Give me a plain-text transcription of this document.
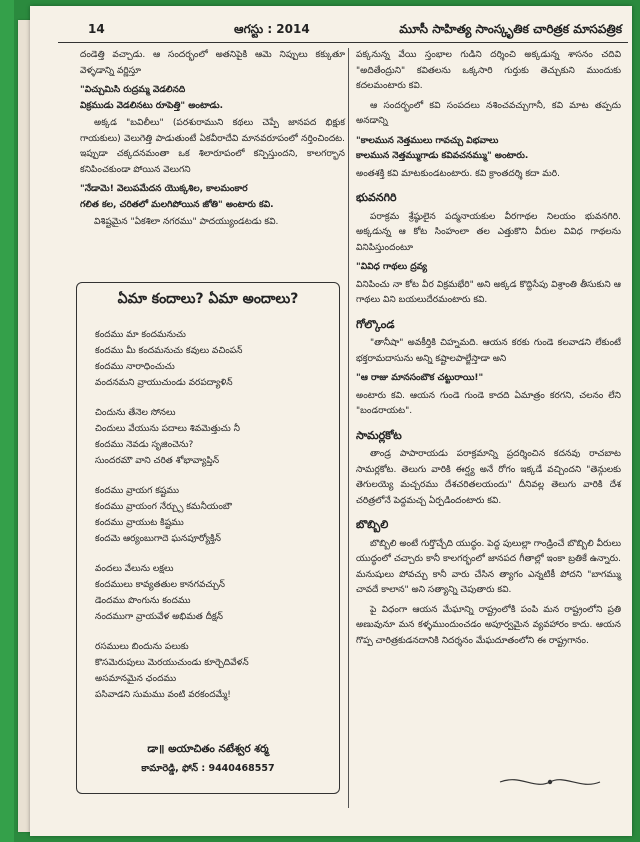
14	ఆగస్టు : 2014	మూసీ సాహిత్య సాంస్కృతిక చారిత్రక మాసపత్రిక

దండెత్తి వచ్చాడు. ఆ సందర్భంలో అతనిపైకి ఆమె నిప్పులు కక్కుతూ వెళ్ళడాన్ని వర్ణిస్తూ

"విచ్చుమిసి రుద్రమ్మ వెడలినది
విక్రముడు వెడలినటు రూపెత్తి" అంటాడు.

అక్కడ "బవిలీలు" (పరశురాముని కథలు చెప్పే జానపద భిక్షుక గాయకులు) వెలుగెత్తి పాడుతుంటే ఏకవీరాదేవి మానవరూపంలో నర్తించిందట. ఇప్పుడా చక్కదనమంతా ఒక శిలారూపంలో కన్పిస్తుందని, కాలగర్భాన కనిపించకుండా పోయిన వెలుగని

"నేడామె! వెలుపమేదన యొక్కశిల, కాలమంకార
గలిత కల, చరితలో మలగిపోయిన జోతి" అంటారు కవి.

విశిష్టమైన "ఏకశిలా నగరము" పాదయ్యుండటడు కవి.

ఏమా కందాలు? ఏమా అందాలు?
కందము మా కందమనుచు
కందము మీ కందమనుచు కవులు వచింపన్
కందము నారాధించుచు
వందనమని వ్రాయుచుండు వరపద్యాళిన్
చిందును తేనెల సోనలు
చిందులు వేయును పదాలు శివమెత్తుచు నీ
కందము నెవడు సృజించెను?
సుందరమౌ వాని చరిత శోభావ్యాప్తిన్
కందము వ్రాయగ కష్టము
కందము వ్రాయంగ నేర్చ్చు కమనీయంబౌ
కందము వ్రాయుట కిష్టము
కందమె ఆర్యంబుగాదె ఘనపూర్యోక్తిన్
వందలు వేలును లక్షలు
కందములు కావ్యతతుల కానగవచ్చున్
డెందము పొంగును కందము
నందముగా వ్రాయవేళ అభిమత దీక్షన్
రసములు బిందును పలుకు
కొసమెరుపులు మెరయుచుండు కూర్చెదివేళన్
అసమానమైన ఛందము
పసివాడని సుమము వంటి వరకందమ్మే!
డా॥ అయాచితం నటేశ్వర శర్మ
కామారెడ్డి, ఫోన్ : 9440468557

పక్కనున్న వేయి స్తంభాల గుడిని దర్శించి అక్కడున్న శాసనం చదివి "అదితేంద్రుని" కవితలను ఒక్కసారి గుర్తుకు తెచ్చుకుని ముందుకు కదలమంటారు కవి.

ఆ సందర్భంలో కవి సంపదలు నశించవచ్చుగానీ, కవి మాట తప్పదు అనడాన్ని

"కాలమున నెత్తములు గావచ్చు విభవాలు
కాలమున నెత్తమ్ముగాడు కవివచనమ్ము" అంటారు.

అంతశక్తి కవి మాటకుండటంటారు. కవి క్రాంతదర్శి కదా మరి.

భువనగిరి

పరాక్రమ శ్రేష్ఠులైన పద్మనాయకుల వీరగాథల నిలయం భువనగిరి. అక్కడున్న ఆ కోట సింహంలా తల ఎత్తుకొని వీరుల వివిధ గాథలను వినిపిస్తుందంటూ

"వివిధ గాథలు ద్రవ్య

వినిపించు నా కోట వీర విక్రమభేరి" అని అక్కడ కొద్దిసేపు విశ్రాంతి తీసుకుని ఆ గాథలు విని బయలుదేరమంటారు కవి.

గోల్కొండ

"తానీషా" అవకీర్తికి చిహ్నమది. ఆయన కరకు గుండె కలవాడని లేకుంటే భక్తరామదాసును అన్ని కష్టాలపాల్జేస్తాడా అని

"ఆ రాజు మానసంబౌక చట్టురాయి!"

అంటారు కవి. ఆయన గుండె గుండె కాదది ఏమాత్రం కరగని, చలనం లేని "బండరాయట".

సామర్లకోట

తాండ్ర పాపారాయడు పరాక్రమాన్ని ప్రదర్శించిన కదనవు రాచబాట సామర్లకోట. తెలుగు వారికి ఈర్ష్య అనే రోగం ఇక్కడే వచ్చిందని "తెన్గులకు తెగులయ్యె మచ్చరము దేశచరితలయందు" దీనివల్ల తెలుగు వారికి దేశ చరిత్రలోనే పెద్దమచ్చ ఏర్పడిందంటారు కవి.

బొబ్బిలి

బొబ్బిలి అంటే గుర్తొచ్చేది యుద్ధం. పెద్ద పులుల్లా గాండ్రించే బొబ్బిలి వీరులు యుద్ధంలో చచ్చారు కానీ కాలగర్భంలో జానపద గీతాల్లో ఇంకా బ్రతికే ఉన్నారు. మనుషులు పోవచ్చు కానీ వారు చేసిన త్యాగం ఎన్నటికీ పోదని "బాగమ్ము చావదే కాలాన" అని సత్యాన్ని చెపుతారు కవి.

పై విధంగా ఆయన మేఘాన్ని రాష్ట్రంలోకి పంపి మన రాష్ట్రంలోని ప్రతి అణువునూ మన కళ్ళముందుంచడం అపూర్వమైన వ్యవహారం కాదు. ఆయన గొప్ప చారిత్రకుడనదానికి నిదర్శనం మేఘదూతంలోని ఈ రాష్ట్రగానం.
